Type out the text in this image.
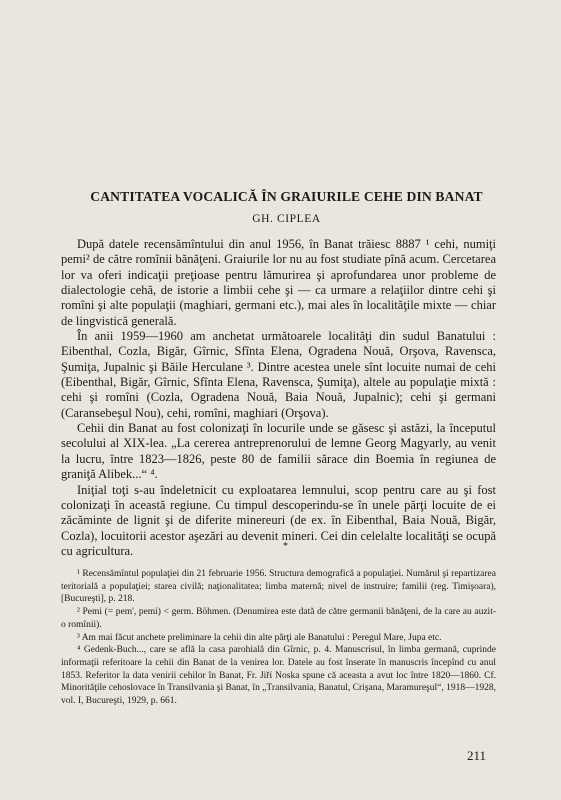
CANTITATEA VOCALICĂ ÎN GRAIURILE CEHE DIN BANAT
GH. CIPLEA

După datele recensămîntului din anul 1956, în Banat trăiesc 8887 ¹ cehi, numiţi pemi² de către romînii bănăţeni. Graiurile lor nu au fost studiate pînă acum. Cercetarea lor va oferi indicaţii preţioase pentru lămurirea şi aprofundarea unor probleme de dialectologie cehă, de istorie a limbii cehe şi — ca urmare a relaţiilor dintre cehi şi romîni şi alte populaţii (maghiari, germani etc.), mai ales în localităţile mixte — chiar de lingvistică generală.

În anii 1959—1960 am anchetat următoarele localităţi din sudul Banatului : Eibenthal, Cozla, Bigăr, Gîrnic, Sfînta Elena, Ogradena Nouă, Orşova, Ravensca, Şumiţa, Jupalnic şi Băile Herculane ³. Dintre acestea unele sînt locuite numai de cehi (Eibenthal, Bigăr, Gîrnic, Sfînta Elena, Ravensca, Şumiţa), altele au populaţie mixtă : cehi şi romîni (Cozla, Ogradena Nouă, Baia Nouă, Jupalnic); cehi şi germani (Caransebeşul Nou), cehi, romîni, maghiari (Orşova).

Cehii din Banat au fost colonizaţi în locurile unde se găsesc şi astăzi, la începutul secolului al XIX-lea. „La cererea antreprenorului de lemne Georg Magyarly, au venit la lucru, între 1823—1826, peste 80 de familii sărace din Boemia în regiunea de graniţă Alibek...“ ⁴.

Iniţial toţi s-au îndeletnicit cu exploatarea lemnului, scop pentru care au şi fost colonizaţi în această regiune. Cu timpul descoperindu-se în unele părţi locuite de ei zăcăminte de lignit şi de diferite minereuri (de ex. în Eibenthal, Baia Nouă, Bigăr, Cozla), locuitorii acestor aşezări au devenit mineri. Cei din celelalte localităţi se ocupă cu agricultura.	*

¹ Recensămîntul populaţiei din 21 februarie 1956. Structura demografică a populaţiei. Numărul şi repartizarea teritorială a populaţiei; starea civilă; naţionalitatea; limba maternă; nivel de instruire; familii (reg. Timişoara), [Bucureşti], p. 218.

² Pemi (= pem', pemi) < germ. Böhmen. (Denumirea este dată de către germanii bănăţeni, de la care au auzit-o romînii).

³ Am mai făcut anchete preliminare la cehii din alte părţi ale Banatului : Peregul Mare, Jupa etc.

⁴ Gedenk-Buch..., care se află la casa parohială din Gîrnic, p. 4. Manuscrisul, în limba germană, cuprinde informaţii referitoare la cehii din Banat de la venirea lor. Datele au fost înserate în manuscris începînd cu anul 1853. Referitor la data venirii cehilor în Banat, Fr. Jiří Noska spune că aceasta a avut loc între 1820—1860. Cf. Minorităţile cehoslovace în Transilvania şi Banat, în „Transilvania, Banatul, Crişana, Maramureşul“, 1918—1928, vol. I, Bucureşti, 1929, p. 661.

211
